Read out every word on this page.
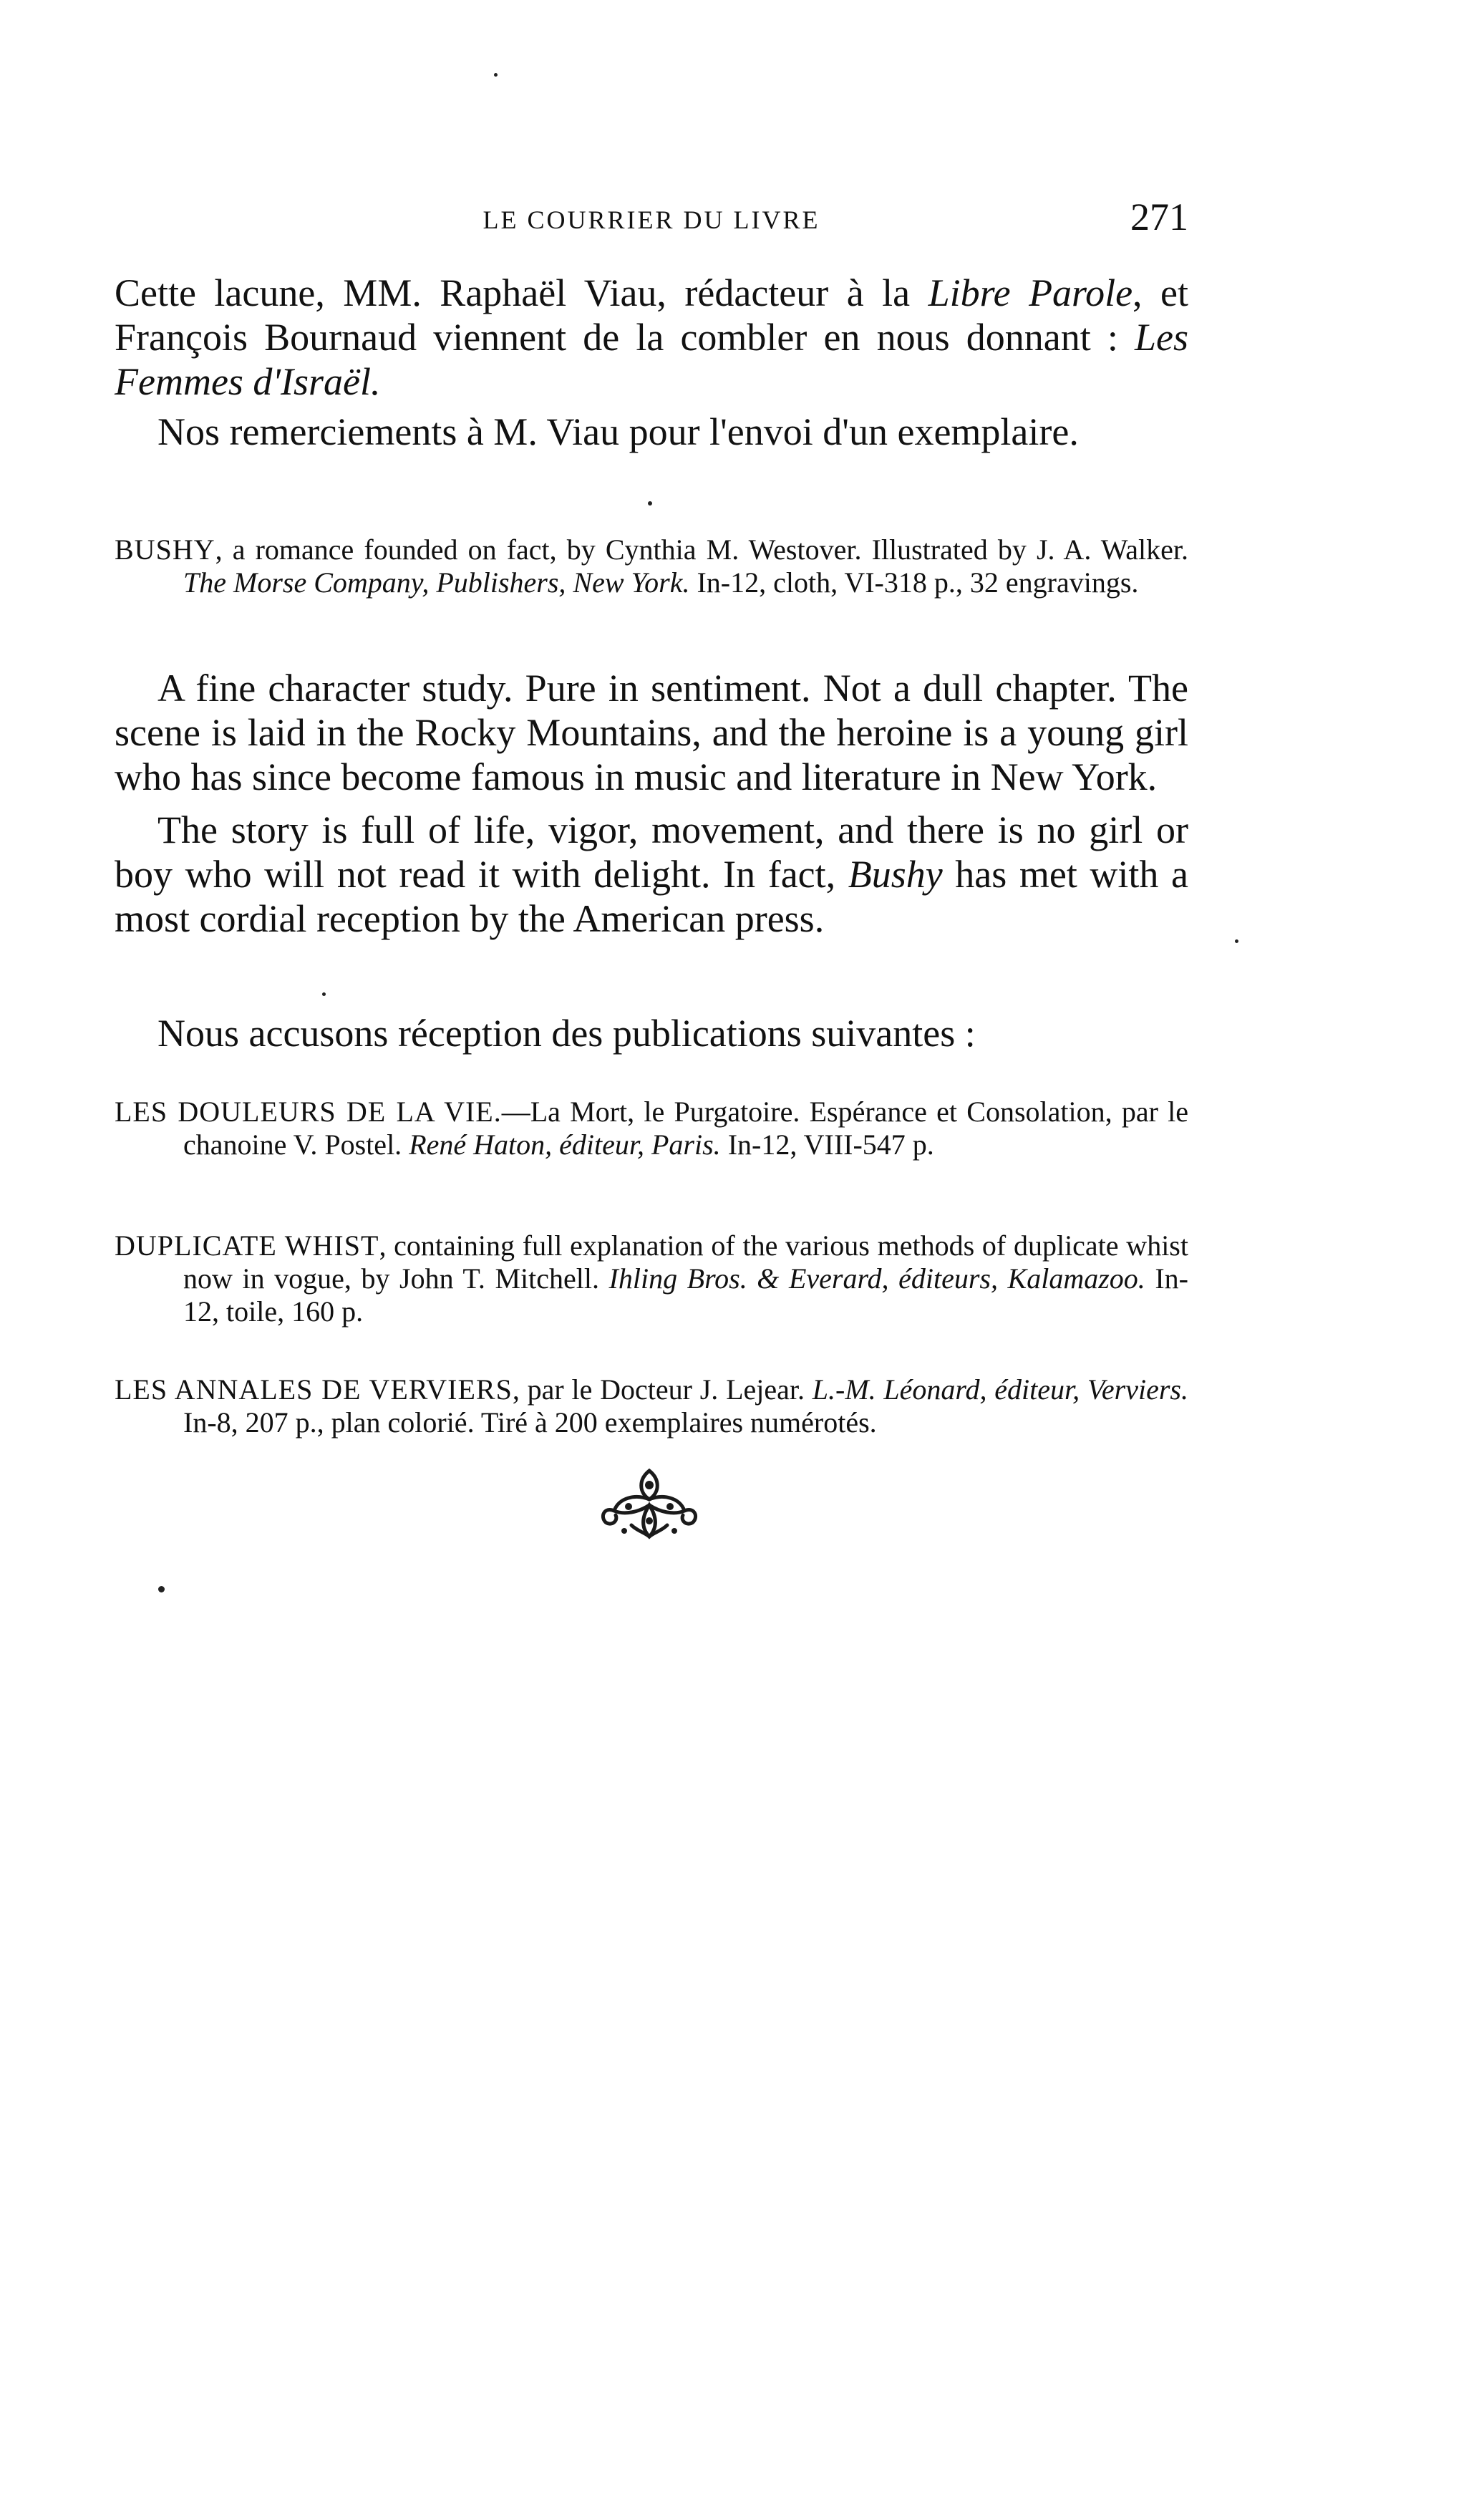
LE COURRIER DU LIVRE	271

Cette lacune, MM. Raphaël Viau, rédacteur à la Libre Parole, et François Bournaud viennent de la combler en nous donnant : Les Femmes d'Israël.

Nos remerciements à M. Viau pour l'envoi d'un exemplaire.

BUSHY, a romance founded on fact, by Cynthia M. Westover. Illustrated by J. A. Walker. The Morse Company, Publishers, New York. In-12, cloth, VI-318 p., 32 engravings.

A fine character study. Pure in sentiment. Not a dull chapter. The scene is laid in the Rocky Mountains, and the heroine is a young girl who has since become famous in music and literature in New York.

The story is full of life, vigor, movement, and there is no girl or boy who will not read it with delight. In fact, Bushy has met with a most cordial reception by the American press.

Nous accusons réception des publications suivantes :

LES DOULEURS DE LA VIE.—La Mort, le Purgatoire. Espérance et Consolation, par le chanoine V. Postel. René Haton, éditeur, Paris. In-12, VIII-547 p.

DUPLICATE WHIST, containing full explanation of the various methods of duplicate whist now in vogue, by John T. Mitchell. Ihling Bros. & Everard, éditeurs, Kalamazoo. In-12, toile, 160 p.

LES ANNALES DE VERVIERS, par le Docteur J. Lejear. L.-M. Léonard, éditeur, Verviers. In-8, 207 p., plan colorié. Tiré à 200 exemplaires numérotés.
